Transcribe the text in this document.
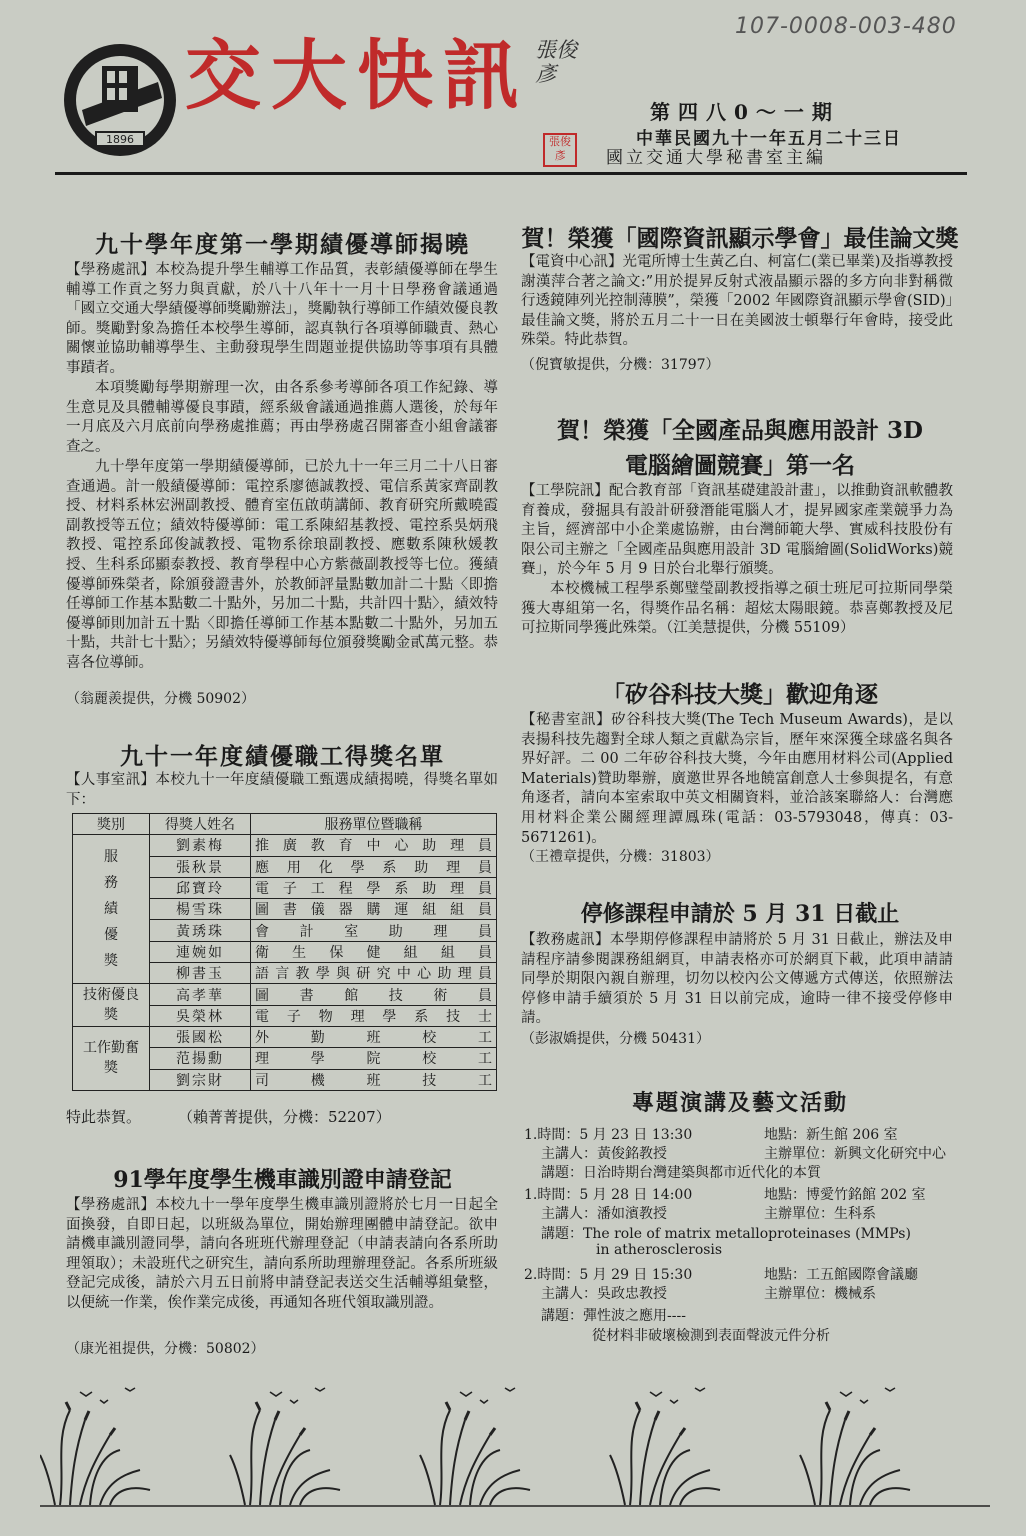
107-0008-003-480
1896
交大快訊 張俊彥
張俊彥
第四八0～一期
中華民國九十一年五月二十三日
國立交通大學秘書室主編
九十學年度第一學期績優導師揭曉
【學務處訊】本校為提升學生輔導工作品質，表彰績優導師在學生輔導工作貢之努力與貢獻，於八十八年十一月十日學務會議通過「國立交通大學績優導師獎勵辦法」，獎勵執行導師工作績效優良教師。獎勵對象為擔任本校學生導師，認真執行各項導師職責、熱心關懷並協助輔導學生、主動發現學生問題並提供協助等事項有具體事蹟者。
本項獎勵每學期辦理一次，由各系參考導師各項工作紀錄、導生意見及具體輔導優良事蹟，經系級會議通過推薦人選後，於每年一月底及六月底前向學務處推薦；再由學務處召開審查小組會議審查之。
九十學年度第一學期績優導師，已於九十一年三月二十八日審查通過。計一般績優導師：電控系廖德誠教授、電信系黃家齊副教授、材料系林宏洲副教授、體育室伍啟萌講師、教育研究所戴曉霞副教授等五位；績效特優導師：電工系陳紹基教授、電控系吳炳飛教授、電控系邱俊誠教授、電物系徐琅副教授、應數系陳秋媛教授、生科系邱顯泰教授、教育學程中心方紫薇副教授等七位。獲績優導師殊榮者，除頒發證書外，於教師評量點數加計二十點〈即擔任導師工作基本點數二十點外，另加二十點，共計四十點〉，績效特優導師則加計五十點〈即擔任導師工作基本點數二十點外，另加五十點，共計七十點〉；另績效特優導師每位頒發獎勵金貳萬元整。恭喜各位導師。
（翁麗羨提供，分機 50902）
九十一年度績優職工得獎名單
【人事室訊】本校九十一年度績優職工甄選成績揭曉，得獎名單如下：
獎別	得獎人姓名	服務單位暨職稱
服務績優獎	劉素梅	推廣教育中心助理員
	張秋景	應用化學系助理員
	邱寶玲	電子工程學系助理員
	楊雪珠	圖書儀器購運組組員
	黃琇珠	會計室助理員
	連婉如	衛生保健組組員
	柳書玉	語言教學與研究中心助理員
技術優良獎	高孝華	圖書館技術員
	吳榮林	電子物理學系技士
工作勤奮獎	張國松	外勤班校工
	范揚勳	理學院校工
	劉宗財	司機班技工
特此恭賀。 （賴菁菁提供，分機：52207）
91學年度學生機車識別證申請登記
【學務處訊】本校九十一學年度學生機車識別證將於七月一日起全面換發，自即日起，以班級為單位，開始辦理團體申請登記。欲申請機車識別證同學，請向各班班代辦理登記（申請表請向各系所助理領取）；未設班代之研究生，請向系所助理辦理登記。各系所班級登記完成後，請於六月五日前將申請登記表送交生活輔導組彙整，以便統一作業，俟作業完成後，再通知各班代領取識別證。
（康光祖提供，分機：50802）
賀！榮獲「國際資訊顯示學會」最佳論文獎
【電資中心訊】光電所博士生黃乙白、柯富仁(業已畢業)及指導教授謝漢萍合著之論文:”用於提昇反射式液晶顯示器的多方向非對稱微行透鏡陣列光控制薄膜”，榮獲「2002 年國際資訊顯示學會(SID)」最佳論文獎，將於五月二十一日在美國波士頓舉行年會時，接受此殊榮。特此恭賀。
（倪寶敏提供，分機：31797）
賀！榮獲「全國產品與應用設計 3D
電腦繪圖競賽」第一名
【工學院訊】配合教育部「資訊基礎建設計畫」，以推動資訊軟體教育養成，發掘具有設計研發潛能電腦人才，提昇國家產業競爭力為主旨，經濟部中小企業處協辦，由台灣師範大學、實威科技股份有限公司主辦之「全國產品與應用設計 3D 電腦繪圖(SolidWorks)競賽」，於今年 5 月 9 日於台北舉行頒獎。
本校機械工程學系鄭璧瑩副教授指導之碩士班尼可拉斯同學榮獲大專組第一名，得獎作品名稱：超炫太陽眼鏡。恭喜鄭教授及尼可拉斯同學獲此殊榮。（江美慧提供，分機 55109）
「矽谷科技大獎」歡迎角逐
【秘書室訊】矽谷科技大獎(The Tech Museum Awards)，是以表揚科技先趨對全球人類之貢獻為宗旨，歷年來深獲全球盛名與各界好評。二 00 二年矽谷科技大獎，今年由應用材料公司(Applied Materials)贊助舉辦，廣邀世界各地饒富創意人士參與提名，有意角逐者，請向本室索取中英文相關資料，並洽該案聯絡人：台灣應用材料企業公關經理譚鳳珠(電話：03-5793048，傳真：03-5671261)。
（王禮章提供，分機：31803）
停修課程申請於 5 月 31 日截止
【教務處訊】本學期停修課程申請將於 5 月 31 日截止，辦法及申請程序請參閱課務組網頁，申請表格亦可於網頁下載，此項申請請同學於期限內親自辦理，切勿以校內公文傳遞方式傳送，依照辦法停修申請手續須於 5 月 31 日以前完成，逾時一律不接受停修申請。
（彭淑嬌提供，分機 50431）
專題演講及藝文活動
1.時間：5 月 23 日 13:30	地點：新生館 206 室
主講人：黃俊銘教授	主辦單位：新興文化研究中心
講題：日治時期台灣建築與都市近代化的本質
1.時間：5 月 28 日 14:00	地點：博愛竹銘館 202 室
主講人：潘如濱教授	主辦單位：生科系
講題：The role of matrix metalloproteinases (MMPs)
in atherosclerosis
2.時間：5 月 29 日 15:30	地點：工五館國際會議廳
主講人：吳政忠教授	主辦單位：機械系
講題：彈性波之應用----
從材料非破壞檢測到表面聲波元件分析
